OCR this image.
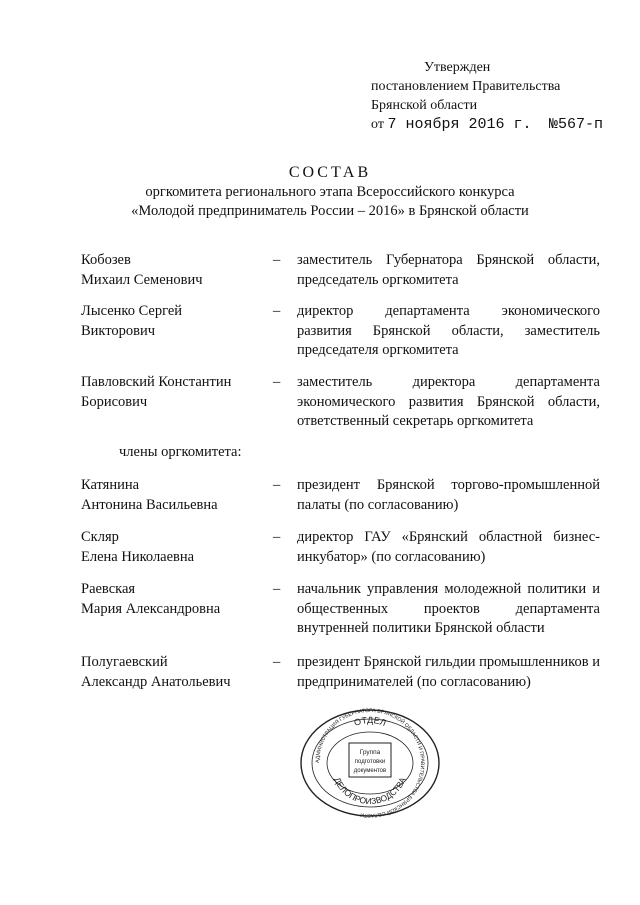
Утвержден
постановлением Правительства
Брянской области
от 7 ноября 2016 г. №567-п
СОСТАВ
оргкомитета регионального этапа Всероссийского конкурса
«Молодой предприниматель России – 2016» в Брянской области
Кобозев
Михаил Семенович
– заместитель Губернатора Брянской области, председатель оргкомитета
Лысенко Сергей
Викторович
– директор департамента экономического развития Брянской области, заместитель председателя оргкомитета
Павловский Константин
Борисович
– заместитель директора департамента экономического развития Брянской области, ответственный секретарь оргкомитета
члены оргкомитета:
Катянина
Антонина Васильевна
– президент Брянской торгово-промышленной палаты (по согласованию)
Скляр
Елена Николаевна
– директор ГАУ «Брянский областной бизнес-инкубатор» (по согласованию)
Раевская
Мария Александровна
– начальник управления молодежной политики и общественных проектов департамента внутренней политики Брянской области
Полугаевский
Александр Анатольевич
– президент Брянской гильдии промышленников и предпринимателей (по согласованию)
АДМИНИСТРАЦИЯ ГУБЕРНАТОРА БРЯНСКОЙ ОБЛАСТИ И ПРАВИТЕЛЬСТВА БРЯНСКОЙ ОБЛАСТИ
ОТДЕЛ
ДЕЛОПРОИЗВОДСТВА
Группа
подготовки
документов
